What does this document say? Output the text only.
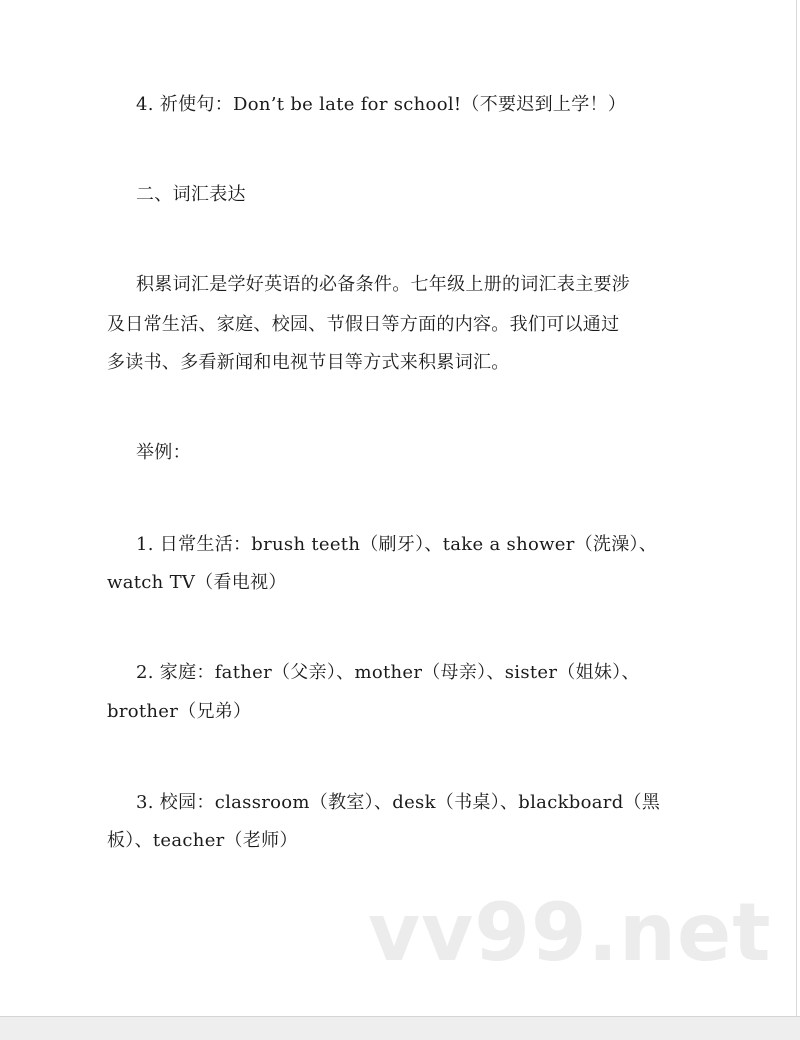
4. 祈使句：Don’t be late for school!（不要迟到上学！）
二、词汇表达
积累词汇是学好英语的必备条件。七年级上册的词汇表主要涉
及日常生活、家庭、校园、节假日等方面的内容。我们可以通过
多读书、多看新闻和电视节目等方式来积累词汇。
举例：
1. 日常生活：brush teeth（刷牙）、take a shower（洗澡）、
watch TV（看电视）
2. 家庭：father（父亲）、mother（母亲）、sister（姐妹）、
brother（兄弟）
3. 校园：classroom（教室）、desk（书桌）、blackboard（黑
板）、teacher（老师）
vv99.net
